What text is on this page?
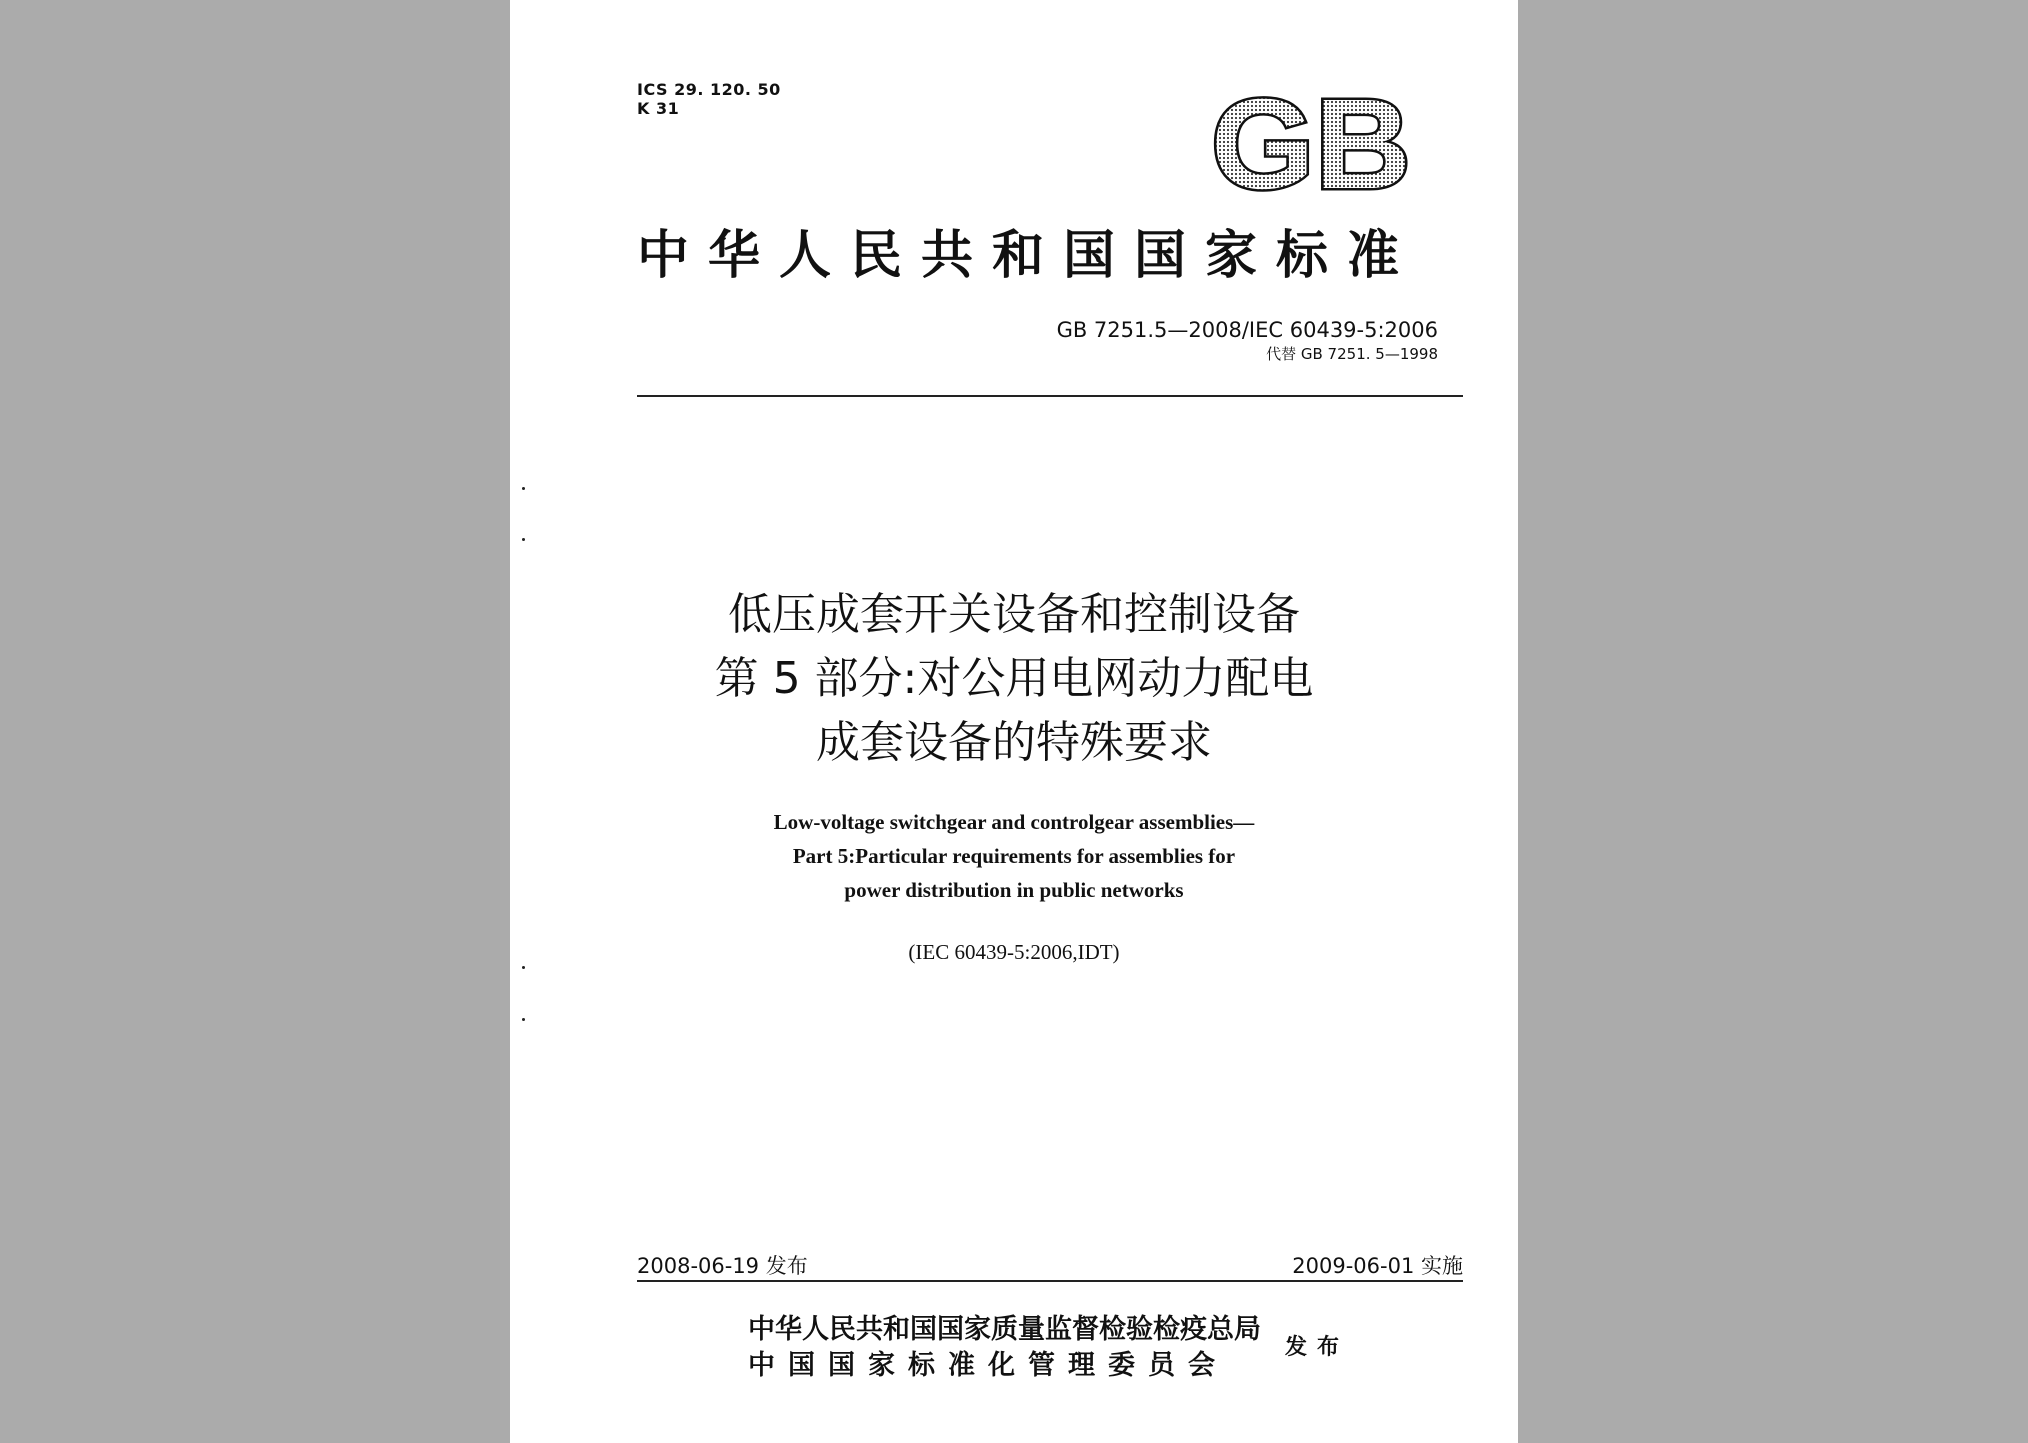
ICS 29. 120. 50
K 31	GB
中华人民共和国国家标准
GB 7251.5—2008/IEC 60439-5:2006
代替 GB 7251. 5—1998
低压成套开关设备和控制设备
第 5 部分:对公用电网动力配电
成套设备的特殊要求
Low-voltage switchgear and controlgear assemblies—
Part 5:Particular requirements for assemblies for
power distribution in public networks
(IEC 60439-5:2006,IDT)
2008-06-19 发布	2009-06-01 实施
中华人民共和国国家质量监督检验检疫总局
中国国家标准化管理委员会
发布
